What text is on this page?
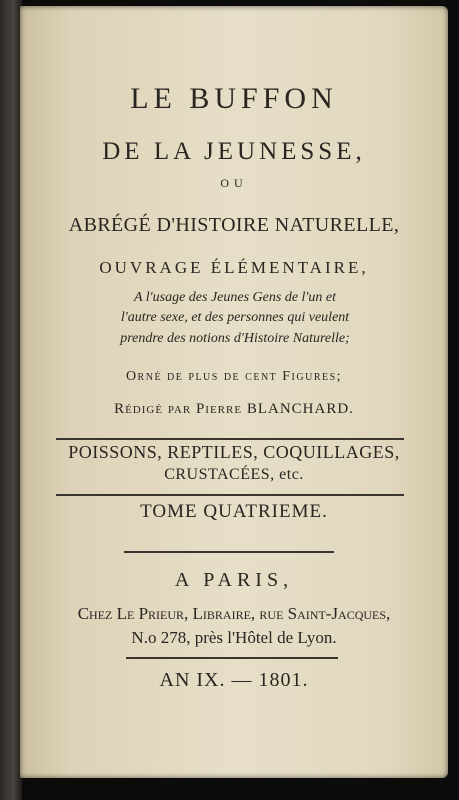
LE BUFFON
DE LA JEUNESSE,
OU
ABRÉGÉ D'HISTOIRE NATURELLE,
OUVRAGE ÉLÉMENTAIRE,
A l'usage des Jeunes Gens de l'un et
l'autre sexe, et des personnes qui veulent
prendre des notions d'Histoire Naturelle;
Orné de plus de cent Figures;
Rédigé par Pierre BLANCHARD.
POISSONS, REPTILES, COQUILLAGES,
CRUSTACÉES, etc.
TOME QUATRIEME.
A PARIS,
Chez Le Prieur, Libraire, rue Saint-Jacques,
N.o 278, près l'Hôtel de Lyon.
AN IX. — 1801.
